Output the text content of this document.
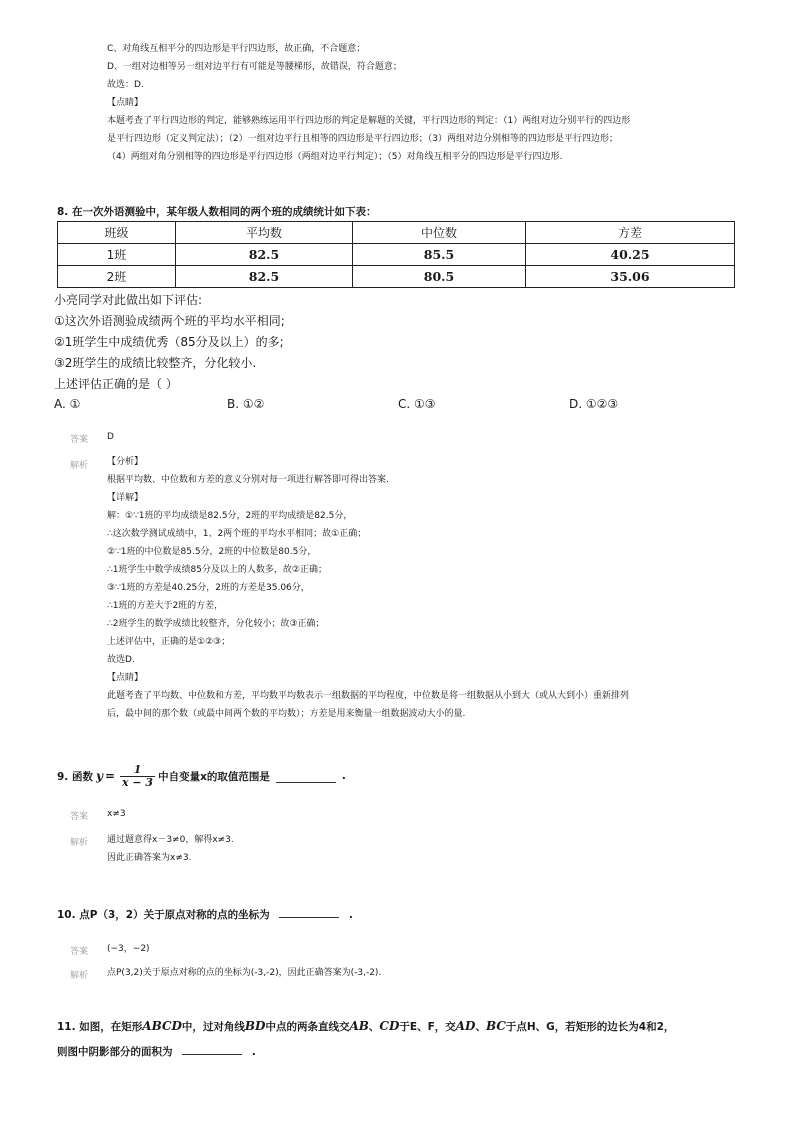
C、对角线互相平分的四边形是平行四边形，故正确，不合题意；
D、一组对边相等另一组对边平行有可能是等腰梯形，故错误，符合题意；
故选：D.
【点睛】
本题考查了平行四边形的判定，能够熟练运用平行四边形的判定是解题的关键，平行四边形的判定：（1）两组对边分别平行的四边形
是平行四边形（定义判定法）；（2）一组对边平行且相等的四边形是平行四边形；（3）两组对边分别相等的四边形是平行四边形；
（4）两组对角分别相等的四边形是平行四边形（两组对边平行判定）；（5）对角线互相平分的四边形是平行四边形.
8. 在一次外语测验中，某年级人数相同的两个班的成绩统计如下表：
班级	平均数	中位数	方差
1班	82.5	85.5	40.25
2班	82.5	80.5	35.06
小亮同学对此做出如下评估:
①这次外语测验成绩两个班的平均水平相同;
②1班学生中成绩优秀（85分及以上）的多;
③2班学生的成绩比较整齐，分化较小.
上述评估正确的是（ ）
A. ①	B. ①②	C. ①③	D. ①②③
答案 D
解析 【分析】
根据平均数、中位数和方差的意义分别对每一项进行解答即可得出答案.
【详解】
解：①∵1班的平均成绩是82.5分，2班的平均成绩是82.5分，
∴这次数学测试成绩中，1、2两个班的平均水平相同；故①正确；
②∵1班的中位数是85.5分，2班的中位数是80.5分，
∴1班学生中数学成绩85分及以上的人数多，故②正确；
③∵1班的方差是40.25分，2班的方差是35.06分，
∴1班的方差大于2班的方差，
∴2班学生的数学成绩比较整齐，分化较小；故③正确；
上述评估中，正确的是①②③；
故选D.
【点睛】
此题考查了平均数、中位数和方差，平均数平均数表示一组数据的平均程度，中位数是将一组数据从小到大（或从大到小）重新排列
后，最中间的那个数（或最中间两个数的平均数）；方差是用来衡量一组数据波动大小的量.
9. 函数 $y = \frac{1}{x - 3}$ 中自变量x的取值范围是	.
答案 x≠3
解析 通过题意得x－3≠0，解得x≠3.
因此正确答案为x≠3.
10. 点P（3，2）关于原点对称的点的坐标为	.
答案 (−3，−2)
解析 点P(3,2)关于原点对称的点的坐标为(-3,-2)，因此正确答案为(-3,-2).
11. 如图，在矩形ABCD中，过对角线BD中点的两条直线交AB、CD于E、F，交AD、BC于点H、G，若矩形的边长为4和2，
则图中阴影部分的面积为	.
